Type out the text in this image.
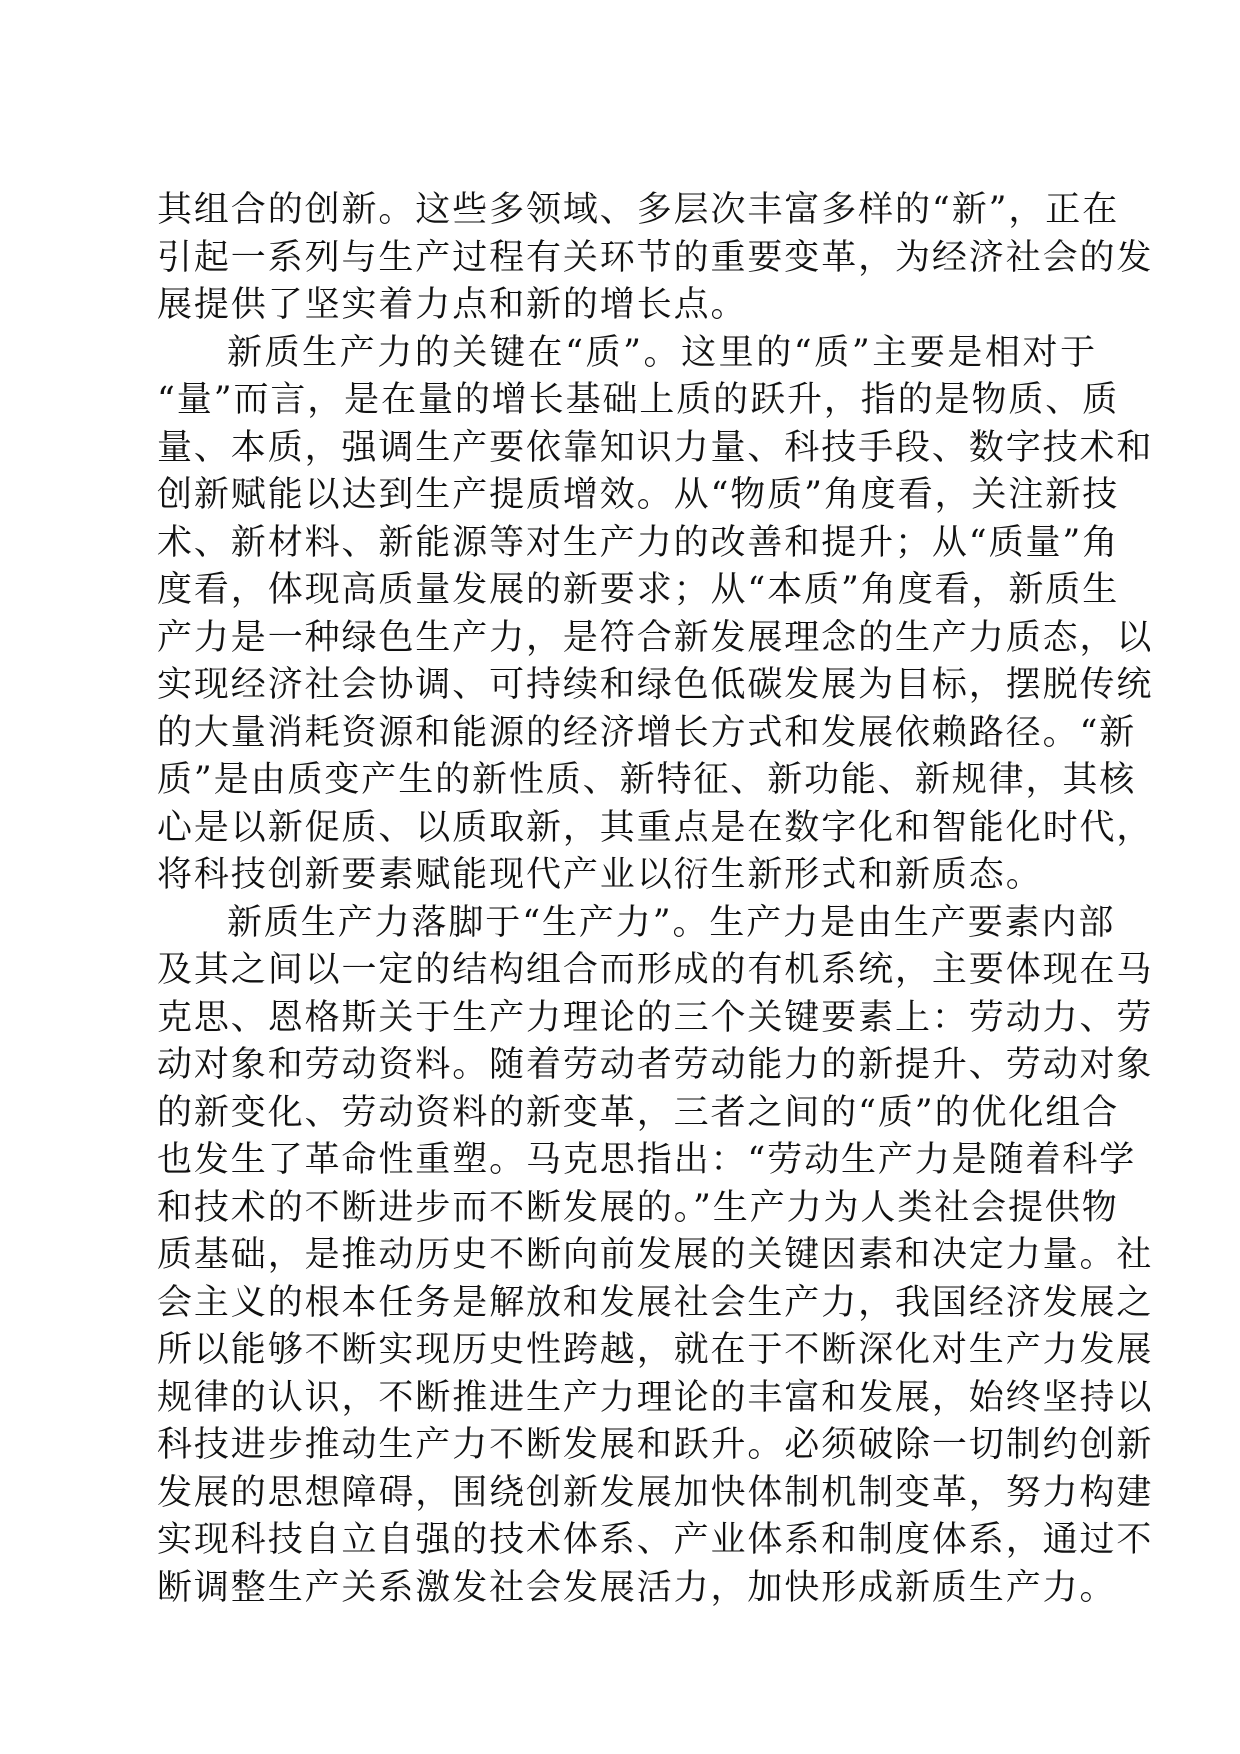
其组合的创新。这些多领域、多层次丰富多样的“新”，正在
引起一系列与生产过程有关环节的重要变革，为经济社会的发
展提供了坚实着力点和新的增长点。
新质生产力的关键在“质”。这里的“质”主要是相对于
“量”而言，是在量的增长基础上质的跃升，指的是物质、质
量、本质，强调生产要依靠知识力量、科技手段、数字技术和
创新赋能以达到生产提质增效。从“物质”角度看，关注新技
术、新材料、新能源等对生产力的改善和提升；从“质量”角
度看，体现高质量发展的新要求；从“本质”角度看，新质生
产力是一种绿色生产力，是符合新发展理念的生产力质态，以
实现经济社会协调、可持续和绿色低碳发展为目标，摆脱传统
的大量消耗资源和能源的经济增长方式和发展依赖路径。“新
质”是由质变产生的新性质、新特征、新功能、新规律，其核
心是以新促质、以质取新，其重点是在数字化和智能化时代，
将科技创新要素赋能现代产业以衍生新形式和新质态。
新质生产力落脚于“生产力”。生产力是由生产要素内部
及其之间以一定的结构组合而形成的有机系统，主要体现在马
克思、恩格斯关于生产力理论的三个关键要素上：劳动力、劳
动对象和劳动资料。随着劳动者劳动能力的新提升、劳动对象
的新变化、劳动资料的新变革，三者之间的“质”的优化组合
也发生了革命性重塑。马克思指出：“劳动生产力是随着科学
和技术的不断进步而不断发展的。”生产力为人类社会提供物
质基础，是推动历史不断向前发展的关键因素和决定力量。社
会主义的根本任务是解放和发展社会生产力，我国经济发展之
所以能够不断实现历史性跨越，就在于不断深化对生产力发展
规律的认识，不断推进生产力理论的丰富和发展，始终坚持以
科技进步推动生产力不断发展和跃升。必须破除一切制约创新
发展的思想障碍，围绕创新发展加快体制机制变革，努力构建
实现科技自立自强的技术体系、产业体系和制度体系，通过不
断调整生产关系激发社会发展活力，加快形成新质生产力。
